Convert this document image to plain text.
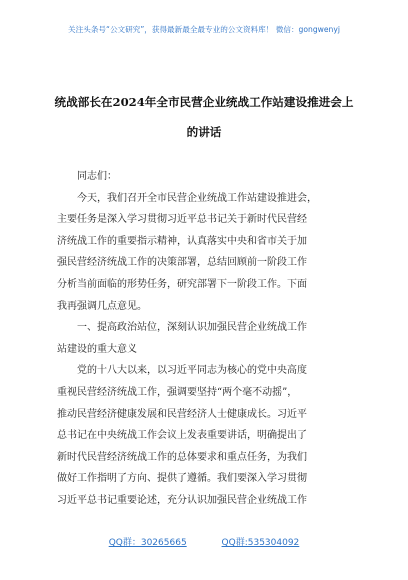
关注头条号“公文研究”，获得最新最全最专业的公文资料库！ 微信：gongwenyj
统战部长在2024年全市民营企业统战工作站建设推进会上
的讲话
同志们：
今天，我们召开全市民营企业统战工作站建设推进会，
主要任务是深入学习贯彻习近平总书记关于新时代民营经
济统战工作的重要指示精神，认真落实中央和省市关于加
强民营经济统战工作的决策部署，总结回顾前一阶段工作
分析当前面临的形势任务，研究部署下一阶段工作。下面
我再强调几点意见。
一、提高政治站位，深刻认识加强民营企业统战工作
站建设的重大意义
党的十八大以来，以习近平同志为核心的党中央高度
重视民营经济统战工作，强调要坚持“两个毫不动摇”，
推动民营经济健康发展和民营经济人士健康成长。习近平
总书记在中央统战工作会议上发表重要讲话，明确提出了
新时代民营经济统战工作的总体要求和重点任务，为我们
做好工作指明了方向、提供了遵循。我们要深入学习贯彻
习近平总书记重要论述，充分认识加强民营企业统战工作
QQ群：30265665	QQ群:535304092
